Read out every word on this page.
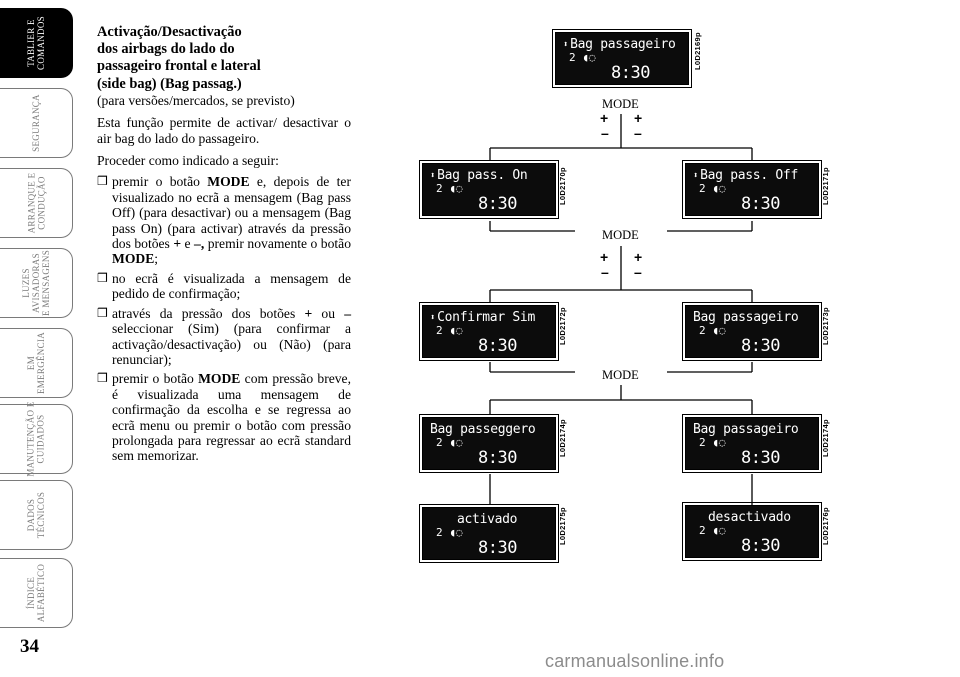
TABLIER E
COMANDOS
SEGURANÇA
ARRANQUE E
CONDUÇÃO
LUZES
AVISADORAS
E MENSAGENS
EM
EMERGÊNCIA
MANUTENÇÃO E
CUIDADOS
DADOS
TÉCNICOS
ÍNDICE
ALFABÉTICO
34
Activação/Desactivação
dos airbags do lado do
passageiro frontal e lateral
(side bag) (Bag passag.)
(para versões/mercados, se previsto)
Esta função permite de activar/ desactivar o air bag do lado do passageiro.
Proceder como indicado a seguir:
❒ premir o botão MODE e, depois de ter visualizado no ecrã a mensagem (Bag pass Off) (para desactivar) ou a mensagem (Bag pass On) (para activar) através da pressão dos botões + e –, premir novamente o botão MODE;
❒ no ecrã é visualizada a mensagem de pedido de confirmação;
❒ através da pressão dos botões + ou – seleccionar (Sim) (para confirmar a activação/desactivação) ou (Não) (para renunciar);
❒ premir o botão MODE com pressão breve, é visualizada uma mensagem de confirmação da escolha e se regressa ao ecrã menu ou premir o botão com pressão prolongada para regressar ao ecrã standard sem memorizar.
⬍ Bag passageiro
2 ◖◌
8:30
L0D2169p
MODE
+ +
– –
⬍ Bag pass. On
2 ◖◌
8:30	L0D2170p	⬍ Bag pass. Off
2 ◖◌
8:30	L0D2171p
MODE
+ +
– –
⬍ Confirmar Sim
2 ◖◌
8:30
L0D2172p	Bag passageiro
2 ◖◌
8:30
L0D2173p
MODE
Bag passeggero
2 ◖◌
8:30
L0D2174p	Bag passageiro
2 ◖◌
8:30
L0D2174p
activado
2 ◖◌
8:30
L0D2175p	desactivado
2 ◖◌
8:30
L0D2176p
carmanualsonline.info
